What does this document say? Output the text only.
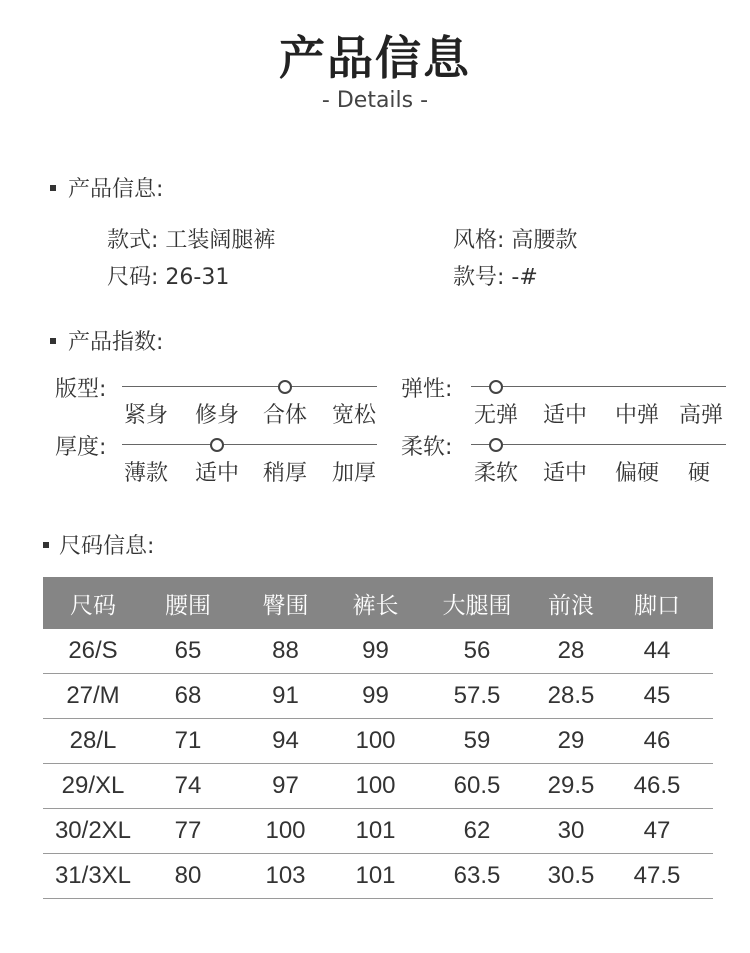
产品信息
- Details -
产品信息:
款式: 工装阔腿裤	风格: 高腰款
尺码: 26-31	款号: -#
产品指数:
版型:
紧身	修身	合体	宽松
弹性:
无弹	适中	中弹 高弹
厚度:
薄款	适中	稍厚	加厚
柔软:
柔软	适中	偏硬	硬
尺码信息:
尺码	腰围	臀围	裤长	大腿围	前浪	脚口
26/S	65	88	99	56	28	44
27/M	68	91	99	57.5	28.5	45
28/L	71	94	100	59	29	46
29/XL	74	97	100	60.5	29.5	46.5
30/2XL	77	100	101	62	30	47
31/3XL	80	103	101	63.5	30.5	47.5
